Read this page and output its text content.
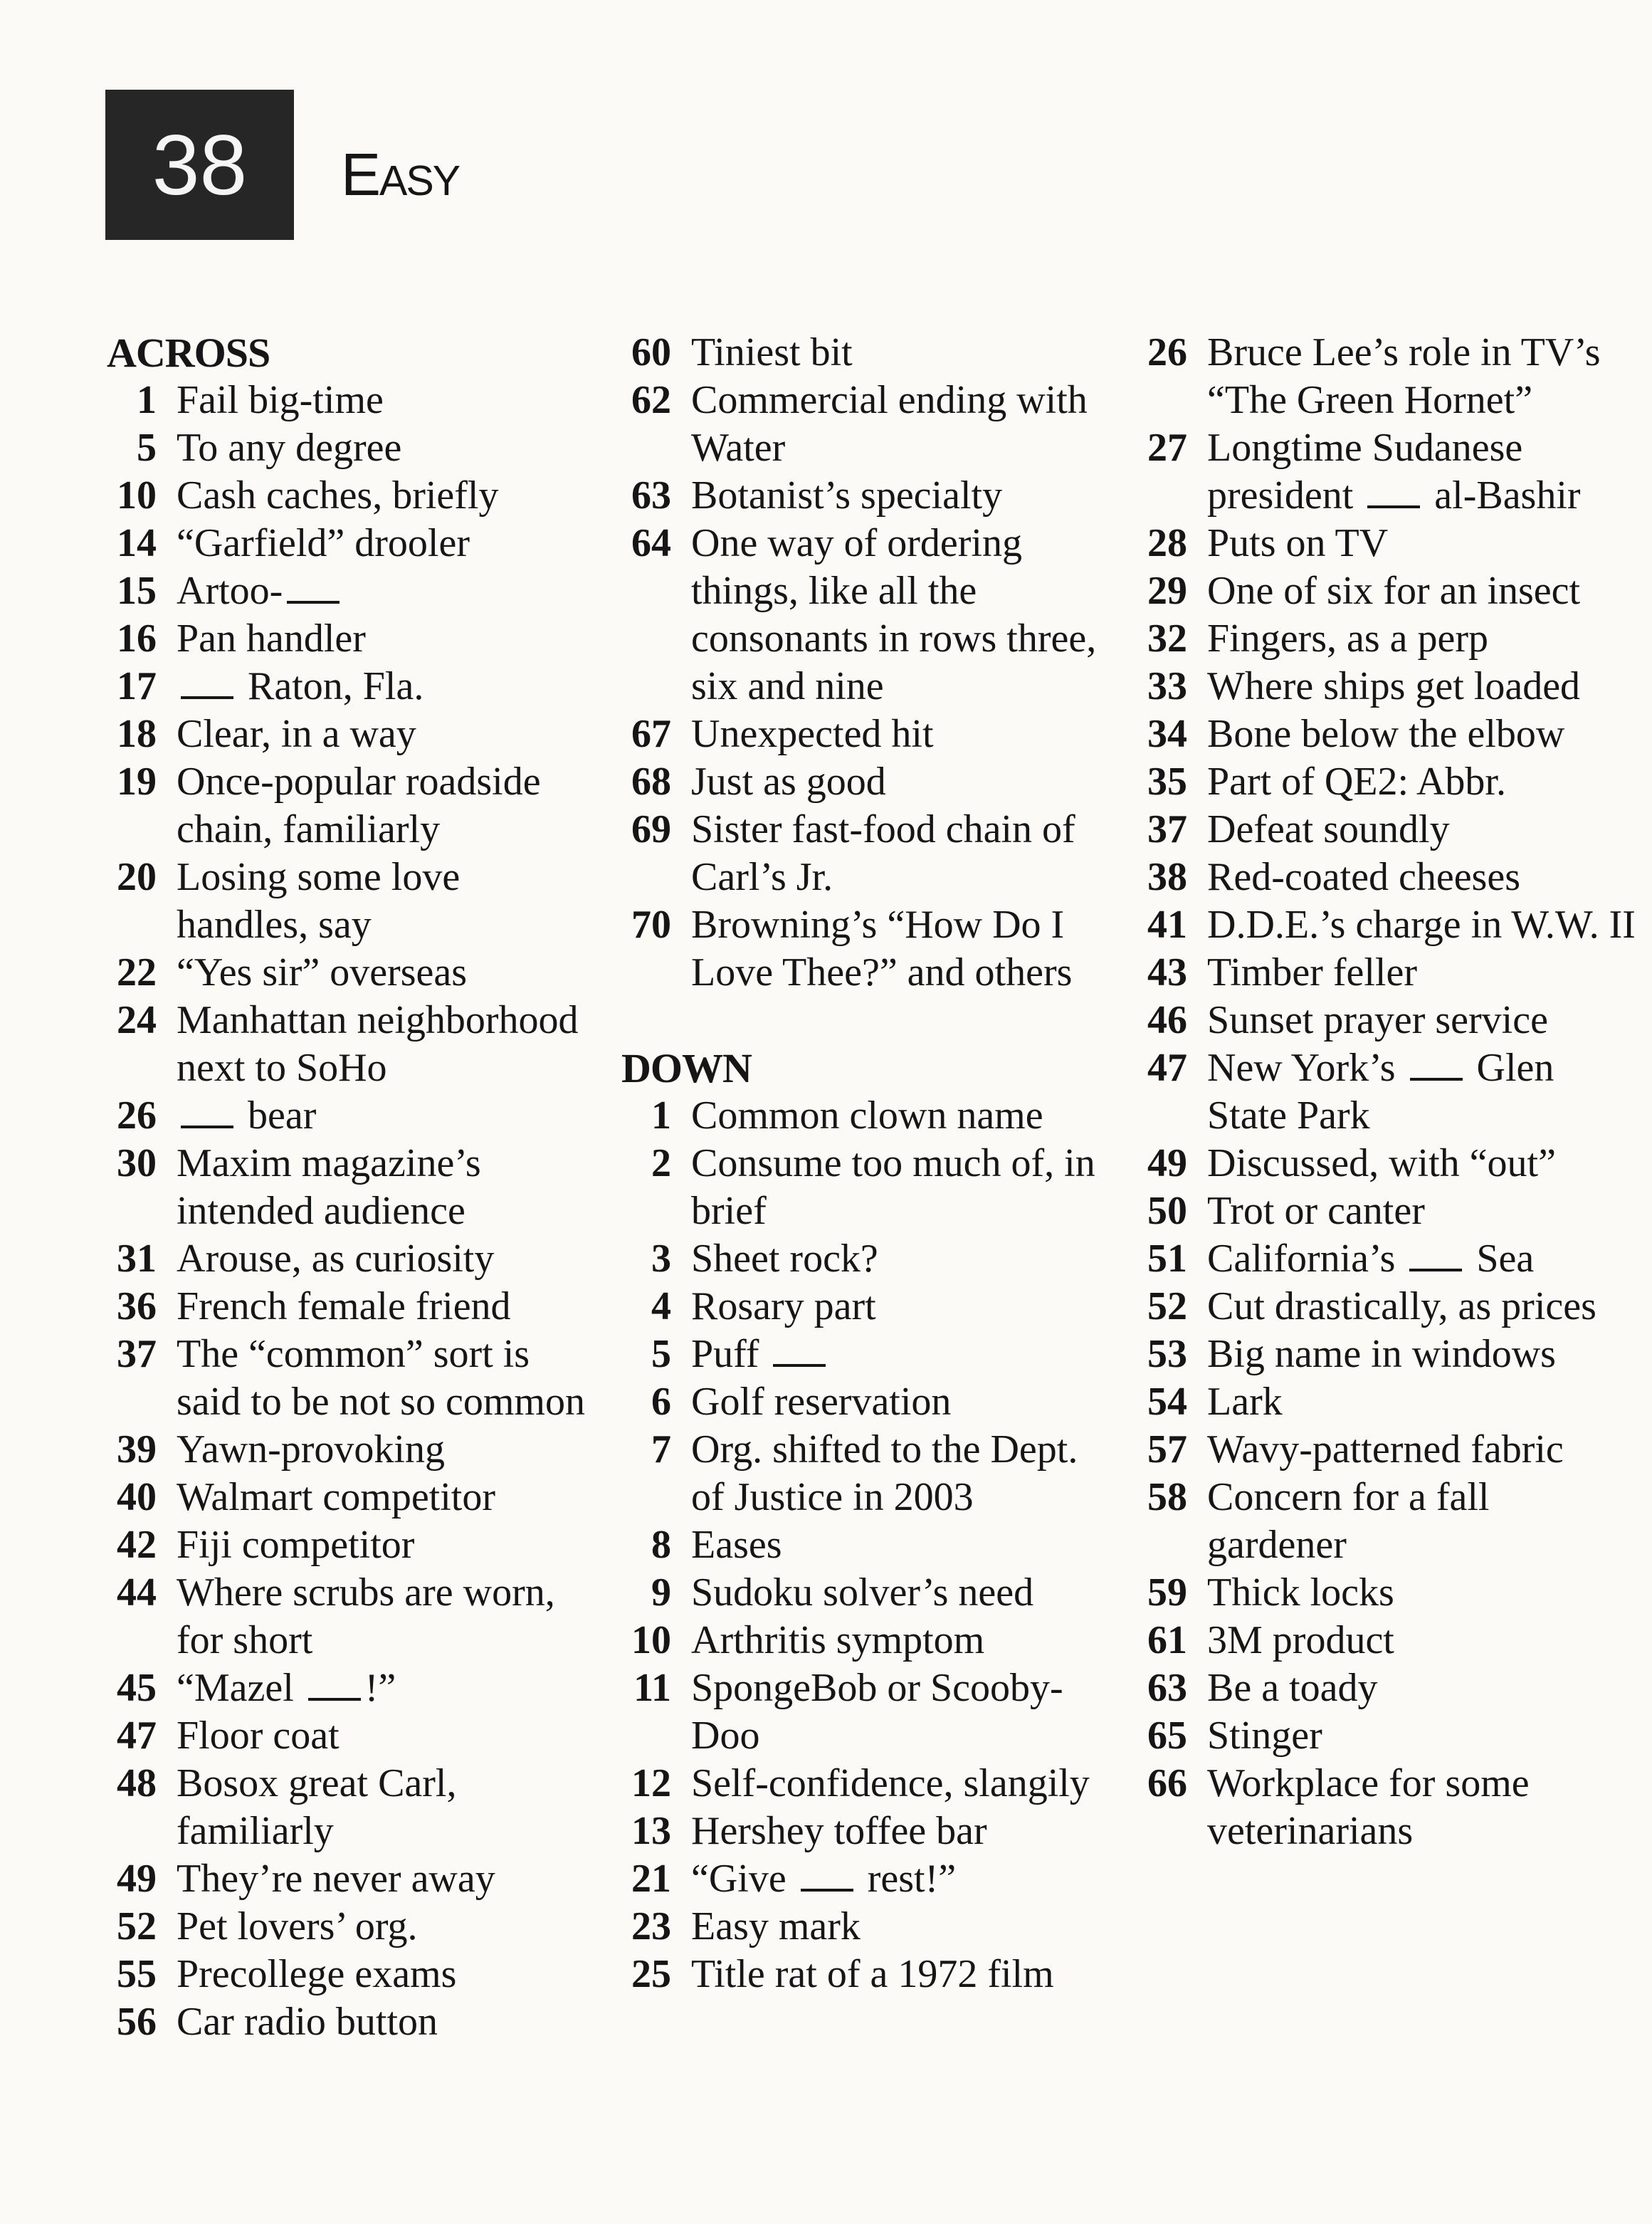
38	Easy
ACROSS
1 Fail big-time
5 To any degree
10 Cash caches, briefly
14 “Garfield” drooler
15 Artoo-
16 Pan handler
17	Raton, Fla.
18 Clear, in a way
19 Once-popular roadside chain, familiarly
20 Losing some love handles, say
22 “Yes sir” overseas
24 Manhattan neighborhood next to SoHo
26	bear
30 Maxim magazine’s intended audience
31 Arouse, as curiosity
36 French female friend
37 The “common” sort is said to be not so common
39 Yawn-provoking
40 Walmart competitor
42 Fiji competitor
44 Where scrubs are worn, for short
45 “Mazel !”
47 Floor coat
48 Bosox great Carl, familiarly
49 They’re never away
52 Pet lovers’ org.
55 Precollege exams
56 Car radio button
60 Tiniest bit
62 Commercial ending with Water
63 Botanist’s specialty
64 One way of ordering things, like all the consonants in rows three, six and nine
67 Unexpected hit
68 Just as good
69 Sister fast-food chain of Carl’s Jr.
70 Browning’s “How Do I Love Thee?” and others
DOWN
1 Common clown name
2 Consume too much of, in brief
3 Sheet rock?
4 Rosary part
5 Puff
6 Golf reservation
7 Org. shifted to the Dept. of Justice in 2003
8 Eases
9 Sudoku solver’s need
10 Arthritis symptom
11 SpongeBob or Scooby-Doo
12 Self-confidence, slangily
13 Hershey toffee bar
21 “Give  rest!”
23 Easy mark
25 Title rat of a 1972 film
26 Bruce Lee’s role in TV’s “The Green Hornet”
27 Longtime Sudanese president  al-Bashir
28 Puts on TV
29 One of six for an insect
32 Fingers, as a perp
33 Where ships get loaded
34 Bone below the elbow
35 Part of QE2: Abbr.
37 Defeat soundly
38 Red-coated cheeses
41 D.D.E.’s charge in W.W. II
43 Timber feller
46 Sunset prayer service
47 New York’s  Glen State Park
49 Discussed, with “out”
50 Trot or canter
51 California’s  Sea
52 Cut drastically, as prices
53 Big name in windows
54 Lark
57 Wavy-patterned fabric
58 Concern for a fall gardener
59 Thick locks
61 3M product
63 Be a toady
65 Stinger
66 Workplace for some veterinarians
